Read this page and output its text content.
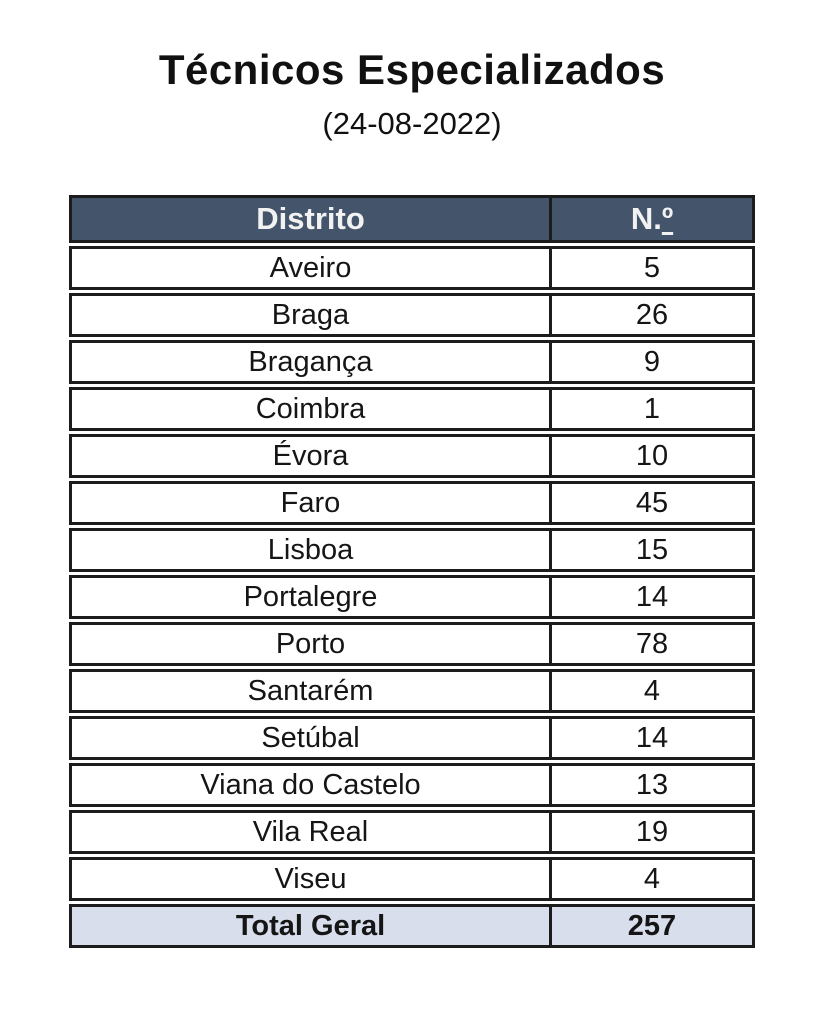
Técnicos Especializados
(24-08-2022)
Distrito	N.º
Aveiro	5
Braga	26
Bragança	9
Coimbra	1
Évora	10
Faro	45
Lisboa	15
Portalegre	14
Porto	78
Santarém	4
Setúbal	14
Viana do Castelo	13
Vila Real	19
Viseu	4
Total Geral	257
